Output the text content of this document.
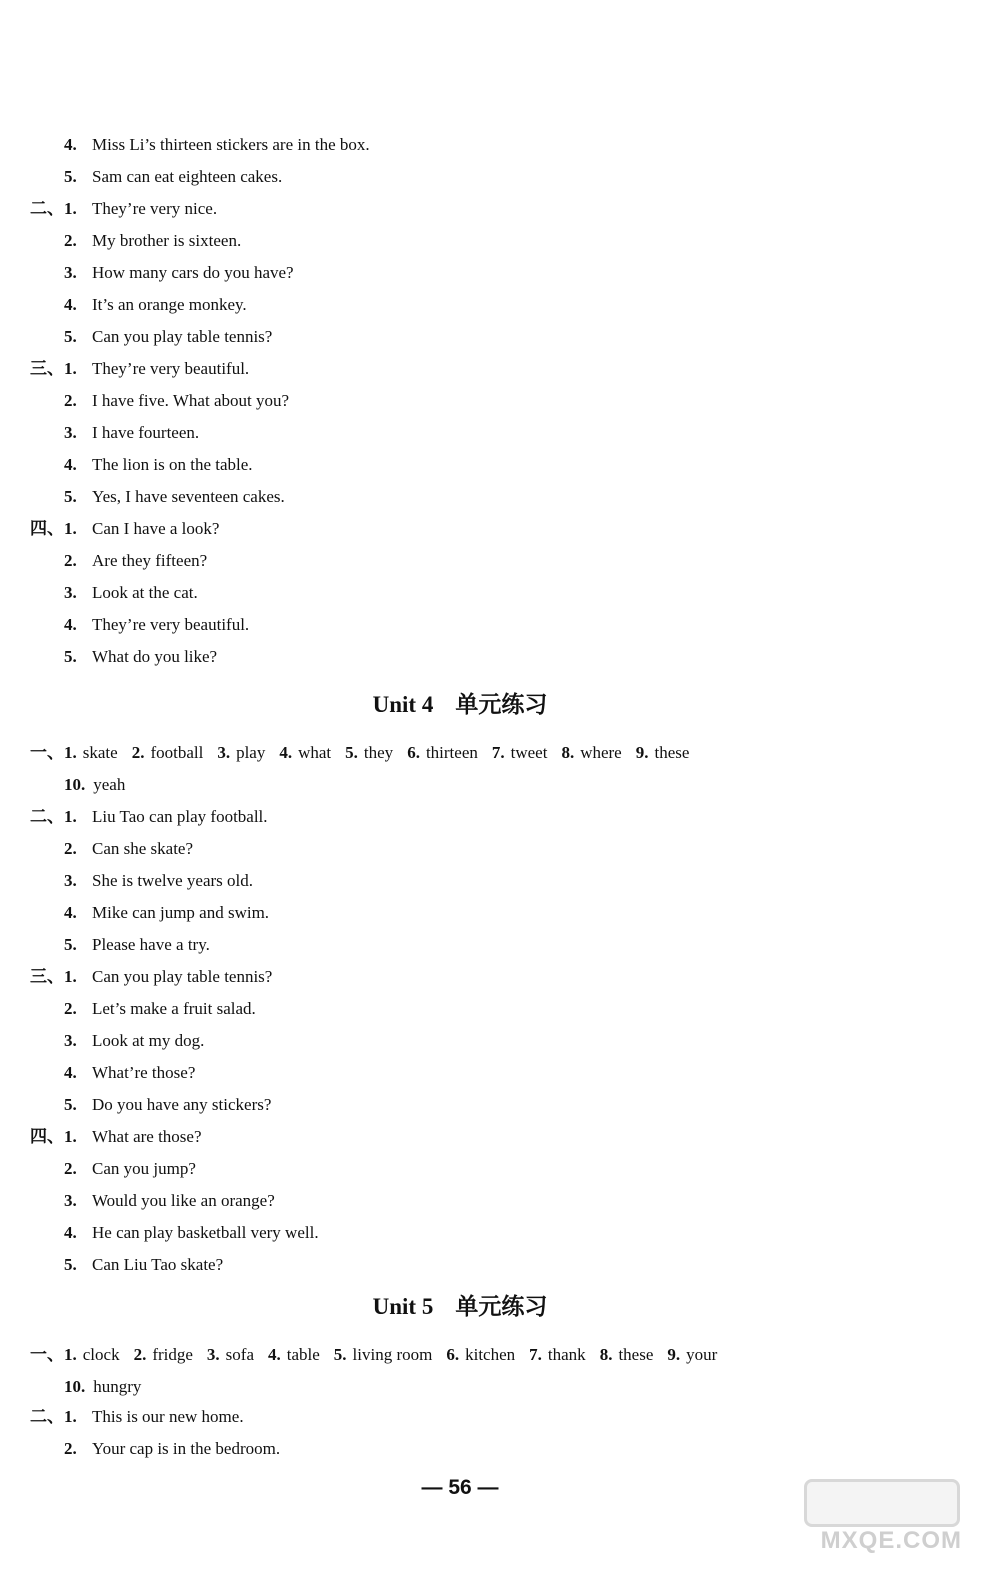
4. Miss Li’s thirteen stickers are in the box.
5. Sam can eat eighteen cakes.
二、 1. They’re very nice.
2. My brother is sixteen.
3. How many cars do you have?
4. It’s an orange monkey.
5. Can you play table tennis?
三、 1. They’re very beautiful.
2. I have five. What about you?
3. I have fourteen.
4. The lion is on the table.
5. Yes, I have seventeen cakes.
四、 1. Can I have a look?
2. Are they fifteen?
3. Look at the cat.
4. They’re very beautiful.
5. What do you like?
Unit 4 单元练习
一、 1. skate 2. football 3. play 4. what 5. they 6. thirteen 7. tweet 8. where 9. these
10. yeah
二、 1. Liu Tao can play football.
2. Can she skate?
3. She is twelve years old.
4. Mike can jump and swim.
5. Please have a try.
三、 1. Can you play table tennis?
2. Let’s make a fruit salad.
3. Look at my dog.
4. What’re those?
5. Do you have any stickers?
四、 1. What are those?
2. Can you jump?
3. Would you like an orange?
4. He can play basketball very well.
5. Can Liu Tao skate?
Unit 5 单元练习
一、 1. clock 2. fridge 3. sofa 4. table 5. living room 6. kitchen 7. thank 8. these 9. your
10. hungry
二、 1. This is our new home.
2. Your cap is in the bedroom.
— 56 —
MXQE.COM
